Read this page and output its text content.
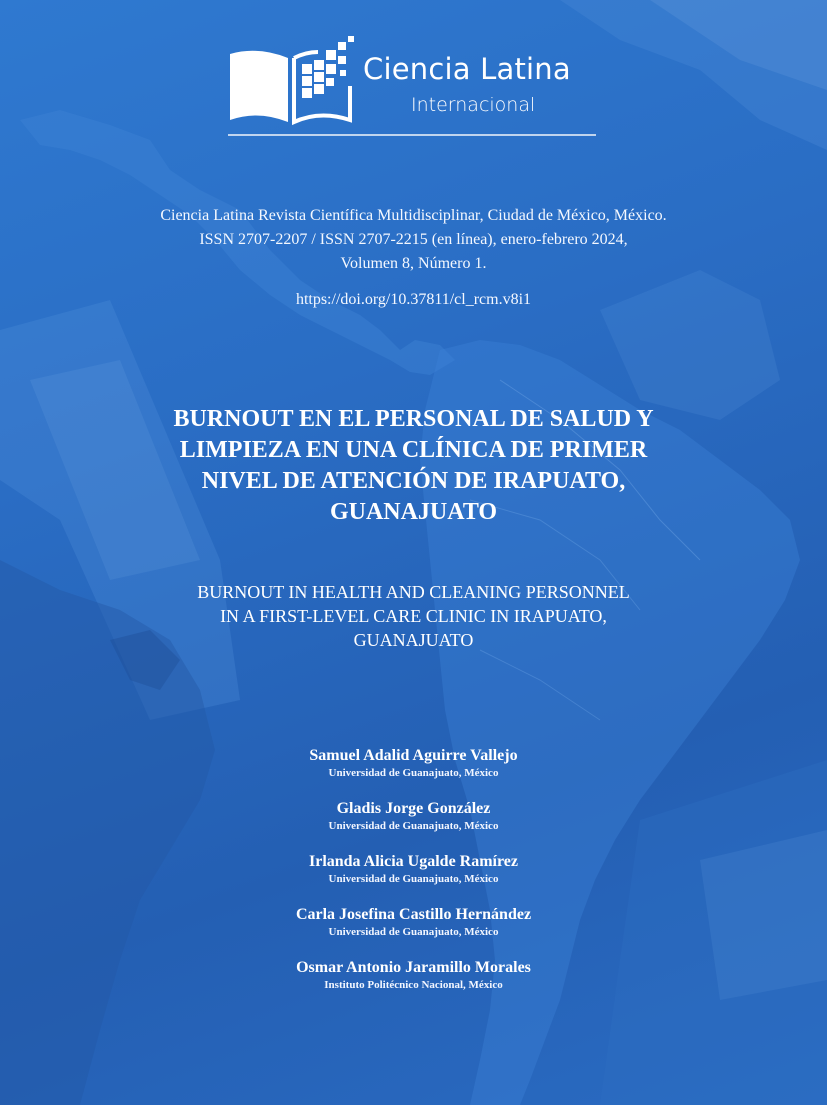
Ciencia Latina
Internacional
Ciencia Latina Revista Científica Multidisciplinar, Ciudad de México, México.
ISSN 2707-2207 / ISSN 2707-2215 (en línea), enero-febrero 2024,
Volumen 8, Número 1.
https://doi.org/10.37811/cl_rcm.v8i1
BURNOUT EN EL PERSONAL DE SALUD Y
LIMPIEZA EN UNA CLÍNICA DE PRIMER
NIVEL DE ATENCIÓN DE IRAPUATO,
GUANAJUATO
BURNOUT IN HEALTH AND CLEANING PERSONNEL
IN A FIRST-LEVEL CARE CLINIC IN IRAPUATO,
GUANAJUATO
Samuel Adalid Aguirre Vallejo
Universidad de Guanajuato, México
Gladis Jorge González
Universidad de Guanajuato, México
Irlanda Alicia Ugalde Ramírez
Universidad de Guanajuato, México
Carla Josefina Castillo Hernández
Universidad de Guanajuato, México
Osmar Antonio Jaramillo Morales
Instituto Politécnico Nacional, México
